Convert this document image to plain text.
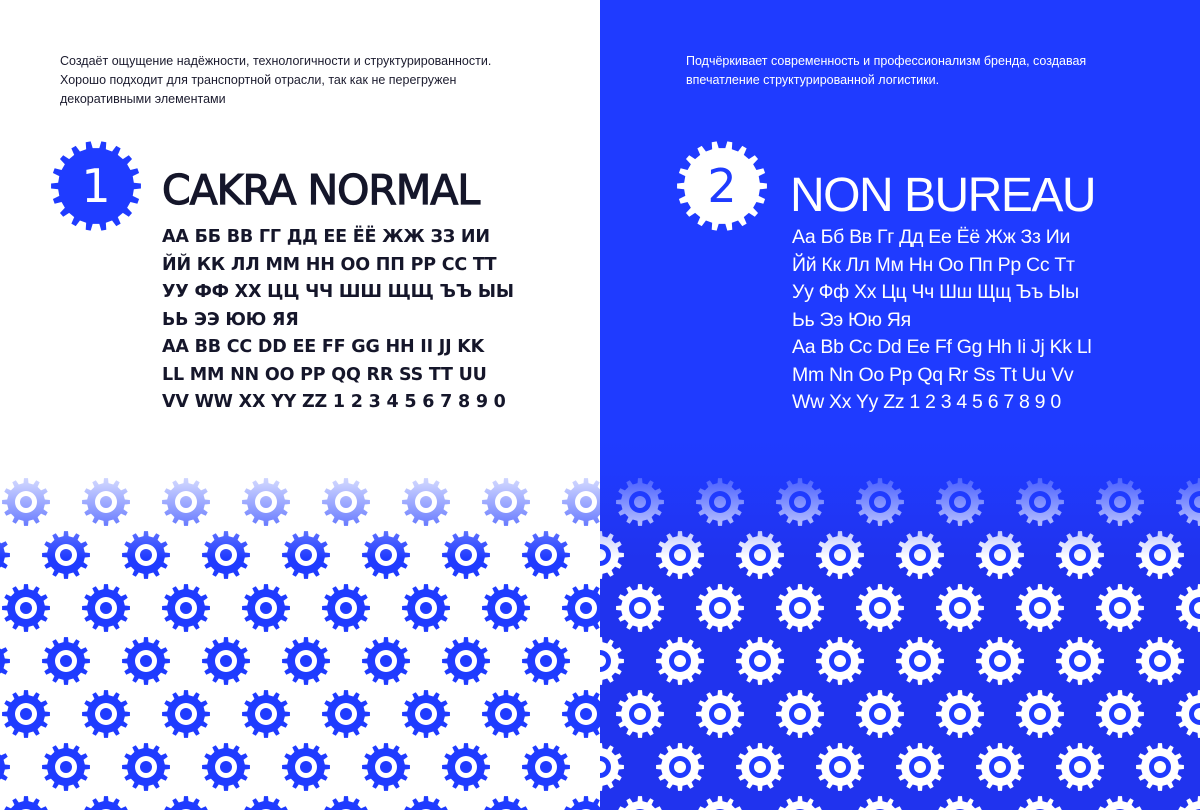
Создаёт ощущение надёжности, технологичности и структурированности. Хорошо подходит для транспортной отрасли, так как не перегружен декоративными элементами

1	CAKRA NORMAL
АА ББ ВВ ГГ ДД ЕЕ ЁЁ ЖЖ ЗЗ ИИ
ЙЙ КК ЛЛ ММ НН ОО ПП РР СС ТТ
УУ ФФ ХХ ЦЦ ЧЧ ШШ ЩЩ ЪЪ ЫЫ
ЬЬ ЭЭ ЮЮ ЯЯ
AA BB CC DD EE FF GG HH II JJ KK
LL MM NN OO PP QQ RR SS TT UU
VV WW XX YY ZZ 1 2 3 4 5 6 7 8 9 0

Подчёркивает современность и профессионализм бренда, создавая впечатление структурированной логистики.

2	NON BUREAU
Аа Бб Вв Гг Дд Ее Ёё Жж Зз Ии
Йй Кк Лл Мм Нн Оо Пп Рр Сс Тт
Уу Фф Хх Цц Чч Шш Щщ Ъъ Ыы
Ьь Ээ Юю Яя
Aa Bb Cc Dd Ee Ff Gg Hh Ii Jj Kk Ll
Mm Nn Oo Pp Qq Rr Ss Tt Uu Vv
Ww Xx Yy Zz 1 2 3 4 5 6 7 8 9 0
